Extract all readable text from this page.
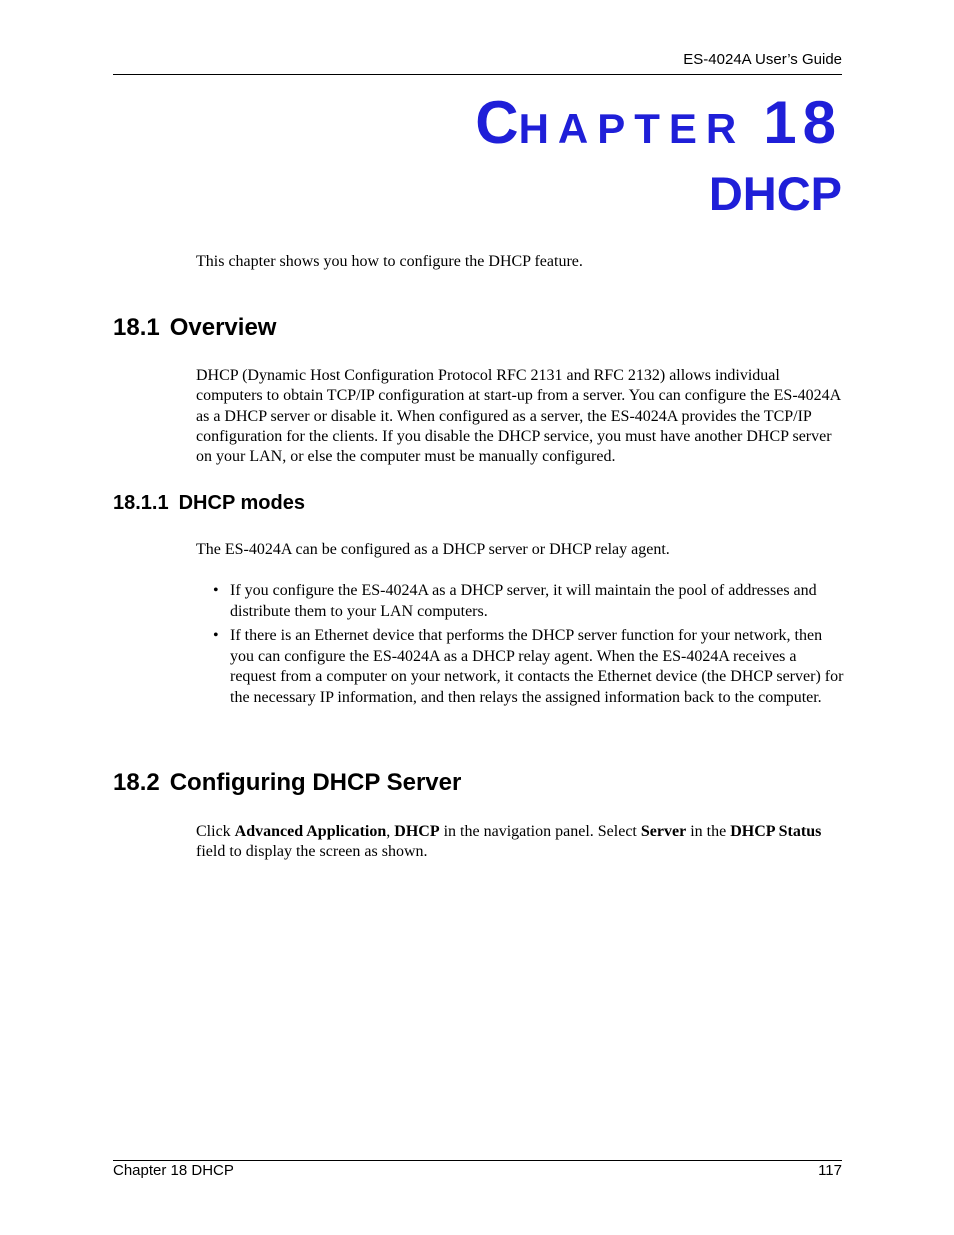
ES-4024A User’s Guide
CHAPTER 18
DHCP
This chapter shows you how to configure the DHCP feature.
18.1 Overview
DHCP (Dynamic Host Configuration Protocol RFC 2131 and RFC 2132) allows individual computers to obtain TCP/IP configuration at start-up from a server. You can configure the ES-4024A as a DHCP server or disable it. When configured as a server, the ES-4024A provides the TCP/IP configuration for the clients. If you disable the DHCP service, you must have another DHCP server on your LAN, or else the computer must be manually configured.
18.1.1 DHCP modes
The ES-4024A can be configured as a DHCP server or DHCP relay agent.
• If you configure the ES-4024A as a DHCP server, it will maintain the pool of addresses and distribute them to your LAN computers.
• If there is an Ethernet device that performs the DHCP server function for your network, then you can configure the ES-4024A as a DHCP relay agent. When the ES-4024A receives a request from a computer on your network, it contacts the Ethernet device (the DHCP server) for the necessary IP information, and then relays the assigned information back to the computer.
18.2 Configuring DHCP Server
Click Advanced Application, DHCP in the navigation panel. Select Server in the DHCP Status field to display the screen as shown.
Chapter 18 DHCP	117
